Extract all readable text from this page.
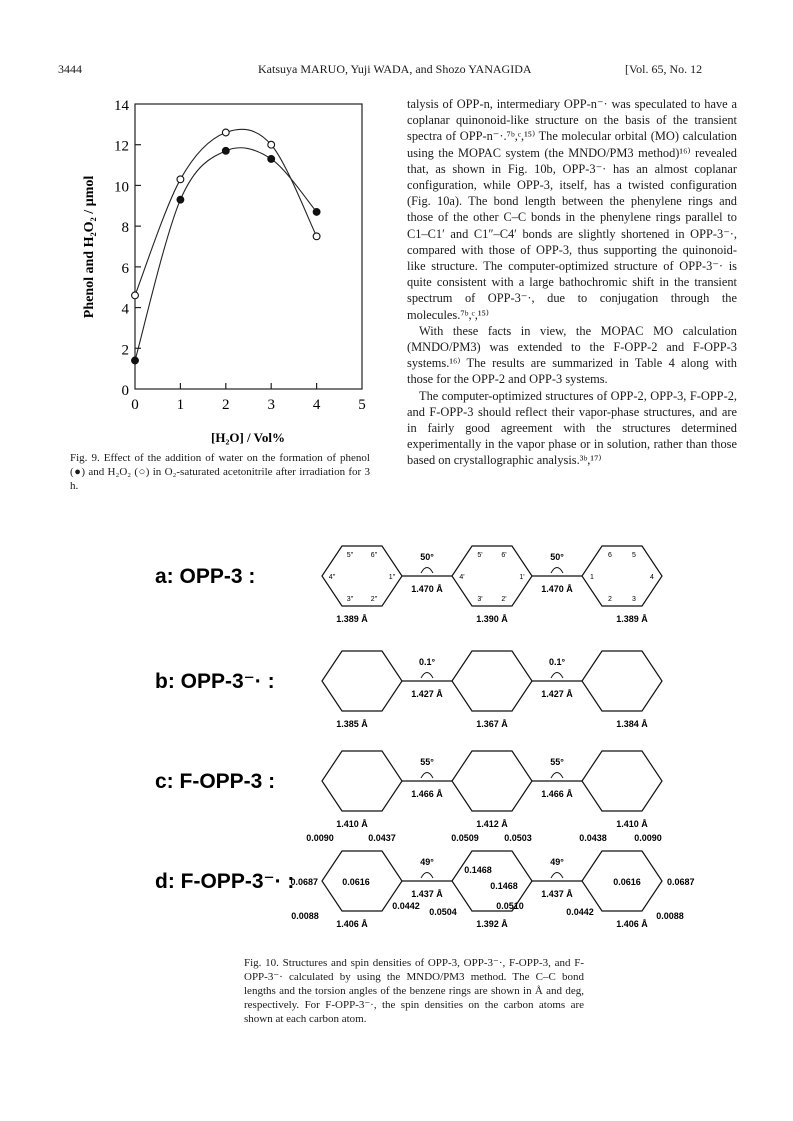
3444	Katsuya MARUO, Yuji WADA, and Shozo YANAGIDA	[Vol. 65, No. 12

talysis of OPP-n, intermediary OPP-n⁻· was speculated to have a coplanar quinonoid-like structure on the basis of the transient spectra of OPP-n⁻·.⁷ᵇ,ᶜ,¹⁵⁾ The molecular orbital (MO) calculation using the MOPAC system (the MNDO/PM3 method)¹⁶⁾ revealed that, as shown in Fig. 10b, OPP-3⁻· has an almost coplanar configuration, while OPP-3, itself, has a twisted configuration (Fig. 10a). The bond length between the phenylene rings and those of the other C–C bonds in the phenylene rings parallel to C1–C1′ and C1″–C4′ bonds are slightly shortened in OPP-3⁻·, compared with those of OPP-3, thus supporting the quinonoid-like structure. The computer-optimized structure of OPP-3⁻· is quite consistent with a large bathochromic shift in the transient spectrum of OPP-3⁻·, due to conjugation through the molecules.⁷ᵇ,ᶜ,¹⁵⁾

With these facts in view, the MOPAC MO calculation (MNDO/PM3) was extended to the F-OPP-2 and F-OPP-3 systems.¹⁶⁾ The results are summarized in Table 4 along with those for the OPP-2 and OPP-3 systems.

The computer-optimized structures of OPP-2, OPP-3, F-OPP-2, and F-OPP-3 should reflect their vapor-phase structures, and are in fairly good agreement with the structures determined experimentally in the vapor phase or in solution, rather than those based on crystallographic analysis.³ᵇ,¹⁷⁾

0	1	2	3	4	5
0
2
4
6
8
10
12
14
[H₂O] / Vol%
Phenol and H₂O₂ / µmol
Fig. 9. Effect of the addition of water on the formation of phenol (●) and H₂O₂ (○) in O₂-saturated acetonitrile after irradiation for 3 h.
a: OPP-3 :
50°
1.470 Å
50°
1.470 Å
1.389 Å	1.390 Å	1.389 Å
5"	6"
4"	1"
3"	2"
5'	6'
4'	1'
3'	2'
6	5
1	4
2	3
b: OPP-3⁻· :
0.1°
1.427 Å
0.1°
1.427 Å
1.385 Å	1.367 Å	1.384 Å
c: F-OPP-3 :
55°
1.466 Å
55°
1.466 Å
1.410 Å	1.412 Å	1.410 Å
d: F-OPP-3⁻· :
49°
1.437 Å
49°
1.437 Å
1.406 Å	1.392 Å	1.406 Å
0.0090	0.0437	0.0509	0.0503	0.0438	0.0090
0.0687	0.0616
0.1468
0.1468	0.0616	0.0687
0.0088
0.0442
0.0504
0.0510
0.0442	0.0088
Fig. 10. Structures and spin densities of OPP-3, OPP-3⁻·, F-OPP-3, and F-OPP-3⁻· calculated by using the MNDO/PM3 method. The C–C bond lengths and the torsion angles of the benzene rings are shown in Å and deg, respectively. For F-OPP-3⁻·, the spin densities on the carbon atoms are shown at each carbon atom.
